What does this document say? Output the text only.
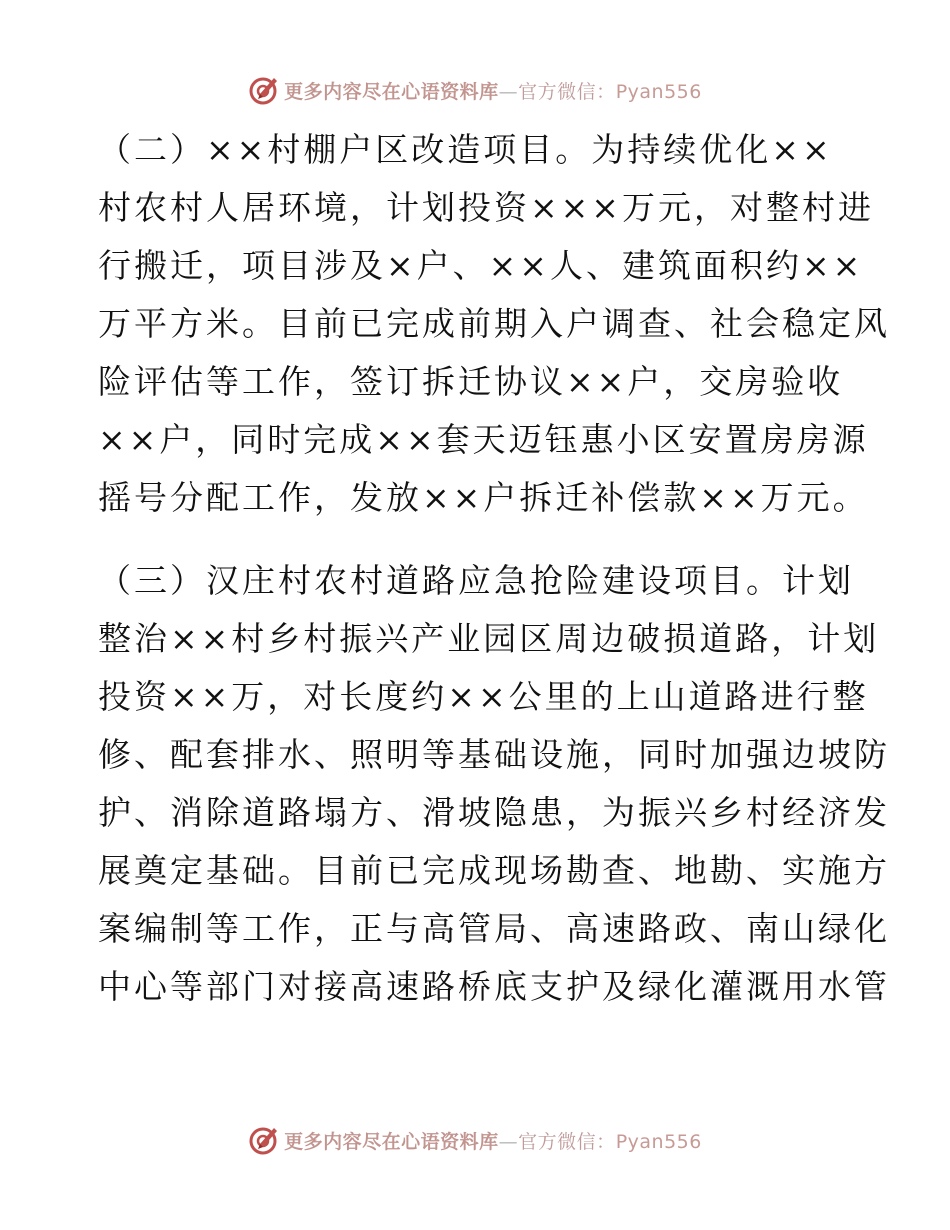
更多内容尽在心语资料库—官方微信：Pyan556
（二）××村棚户区改造项目。为持续优化××
村农村人居环境，计划投资×××万元，对整村进
行搬迁，项目涉及×户、××人、建筑面积约××
万平方米。目前已完成前期入户调查、社会稳定风
险评估等工作，签订拆迁协议××户，交房验收
××户，同时完成××套天迈钰惠小区安置房房源
摇号分配工作，发放××户拆迁补偿款××万元。
（三）汉庄村农村道路应急抢险建设项目。计划
整治××村乡村振兴产业园区周边破损道路，计划
投资××万，对长度约××公里的上山道路进行整
修、配套排水、照明等基础设施，同时加强边坡防
护、消除道路塌方、滑坡隐患，为振兴乡村经济发
展奠定基础。目前已完成现场勘查、地勘、实施方
案编制等工作，正与高管局、高速路政、南山绿化
中心等部门对接高速路桥底支护及绿化灌溉用水管
更多内容尽在心语资料库—官方微信：Pyan556
